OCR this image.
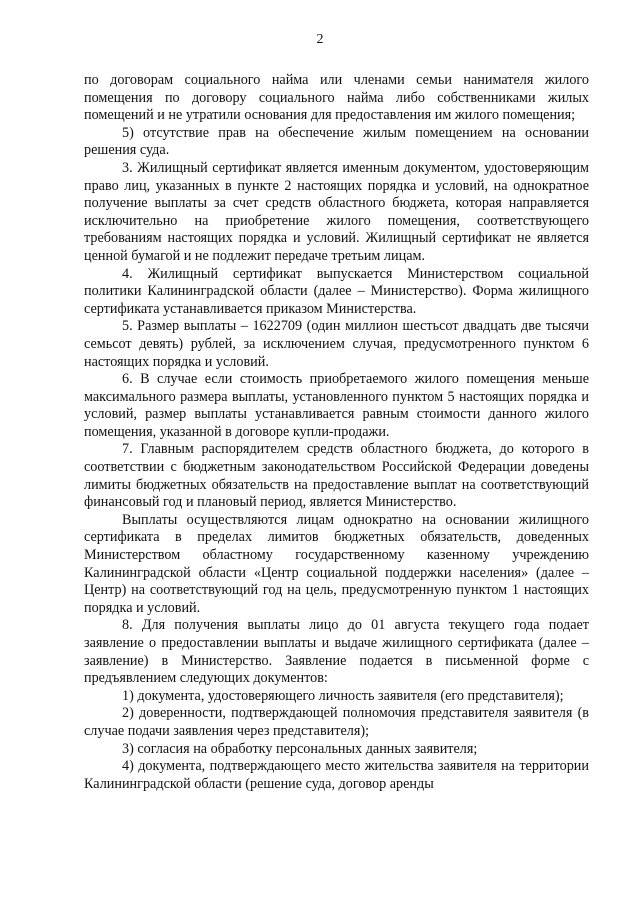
2

по договорам социального найма или членами семьи нанимателя жилого помещения по договору социального найма либо собственниками жилых помещений и не утратили основания для предоставления им жилого помещения;

5) отсутствие прав на обеспечение жилым помещением на основании решения суда.

3. Жилищный сертификат является именным документом, удостоверяющим право лиц, указанных в пункте 2 настоящих порядка и условий, на однократное получение выплаты за счет средств областного бюджета, которая направляется исключительно на приобретение жилого помещения, соответствующего требованиям настоящих порядка и условий. Жилищный сертификат не является ценной бумагой и не подлежит передаче третьим лицам.

4. Жилищный сертификат выпускается Министерством социальной политики Калининградской области (далее – Министерство). Форма жилищного сертификата устанавливается приказом Министерства.

5. Размер выплаты – 1622709 (один миллион шестьсот двадцать две тысячи семьсот девять) рублей, за исключением случая, предусмотренного пунктом 6 настоящих порядка и условий.

6. В случае если стоимость приобретаемого жилого помещения меньше максимального размера выплаты, установленного пунктом 5 настоящих порядка и условий, размер выплаты устанавливается равным стоимости данного жилого помещения, указанной в договоре купли-продажи.

7. Главным распорядителем средств областного бюджета, до которого в соответствии с бюджетным законодательством Российской Федерации доведены лимиты бюджетных обязательств на предоставление выплат на соответствующий финансовый год и плановый период, является Министерство.

Выплаты осуществляются лицам однократно на основании жилищного сертификата в пределах лимитов бюджетных обязательств, доведенных Министерством областному государственному казенному учреждению Калининградской области «Центр социальной поддержки населения» (далее – Центр) на соответствующий год на цель, предусмотренную пунктом 1 настоящих порядка и условий.

8. Для получения выплаты лицо до 01 августа текущего года подает заявление о предоставлении выплаты и выдаче жилищного сертификата (далее – заявление) в Министерство. Заявление подается в письменной форме с предъявлением следующих документов:

1) документа, удостоверяющего личность заявителя (его представителя);

2) доверенности, подтверждающей полномочия представителя заявителя (в случае подачи заявления через представителя);

3) согласия на обработку персональных данных заявителя;

4) документа, подтверждающего место жительства заявителя на территории Калининградской области (решение суда, договор аренды
